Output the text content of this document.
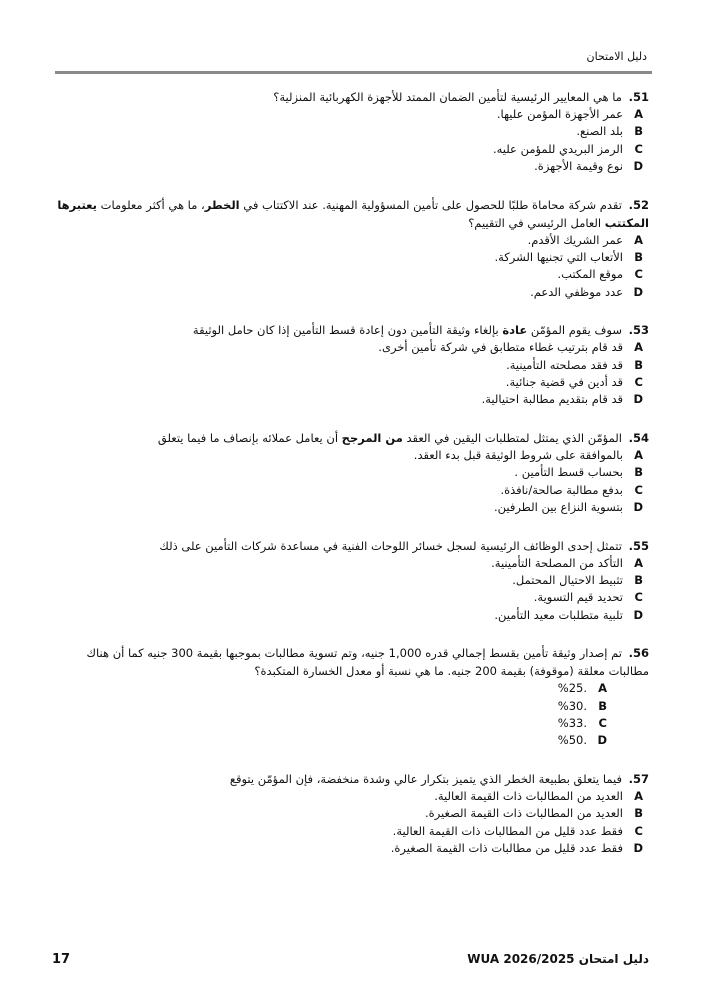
دليل الامتحان
51. ما هي المعايير الرئيسية لتأمين الضمان الممتد للأجهزة الكهربائية المنزلية؟
A
عمر الأجهزة المؤمن عليها.
B
بلد الصنع.
C
الرمز البريدي للمؤمن عليه.
D
نوع وقيمة الأجهزة.
52. تقدم شركة محاماة طلبًا للحصول على تأمين المسؤولية المهنية. عند الاكتتاب في الخطر، ما هي أكثر معلومات يعتبرها المكتتب العامل الرئيسي في التقييم؟
A
عمر الشريك الأقدم.
B
الأتعاب التي تجنيها الشركة.
C
موقع المكتب.
D
عدد موظفي الدعم.
53. سوف يقوم المؤمّن عادة بإلغاء وثيقة التأمين دون إعادة قسط التأمين إذا كان حامل الوثيقة
A
قد قام بترتيب غطاء متطابق في شركة تأمين أخرى.
B
قد فقد مصلحته التأمينية.
C
قد أدين في قضية جنائية.
D
قد قام بتقديم مطالبة احتيالية.
54. المؤمّن الذي يمتثل لمتطلبات اليقين في العقد من المرجح أن يعامل عملائه بإنصاف ما فيما يتعلق
A
بالموافقة على شروط الوثيقة قبل بدء العقد.
B
بحساب قسط التأمين .
C
بدفع مطالبة صالحة/نافذة.
D
بتسوية النزاع بين الطرفين.
55. تتمثل إحدى الوظائف الرئيسية لسجل خسائر اللوحات الفنية في مساعدة شركات التأمين على ذلك
A
التأكد من المصلحة التأمينية.
B
تثبيط الاحتيال المحتمل.
C
تحديد قيم التسوية.
D
تلبية متطلبات معيد التأمين.
56. تم إصدار وثيقة تأمين بقسط إجمالي قدره 1,000 جنيه، وتم تسوية مطالبات بموجبها بقيمة 300 جنيه كما أن هناك مطالبات معلقة (موقوفة) بقيمة 200 جنيه. ما هي نسبة أو معدل الخسارة المتكبدة؟
A
%25.
B
%30.
C
%33.
D
%50.
57. فيما يتعلق بطبيعة الخطر الذي يتميز بتكرار عالي وشدة منخفضة، فإن المؤمّن يتوقع
A
العديد من المطالبات ذات القيمة العالية.
B
العديد من المطالبات ذات القيمة الصغيرة.
C
فقط عدد قليل من المطالبات ذات القيمة العالية.
D
فقط عدد قليل من مطالبات ذات القيمة الصغيرة.
17	دليل امتحان 2026/2025 WUA
